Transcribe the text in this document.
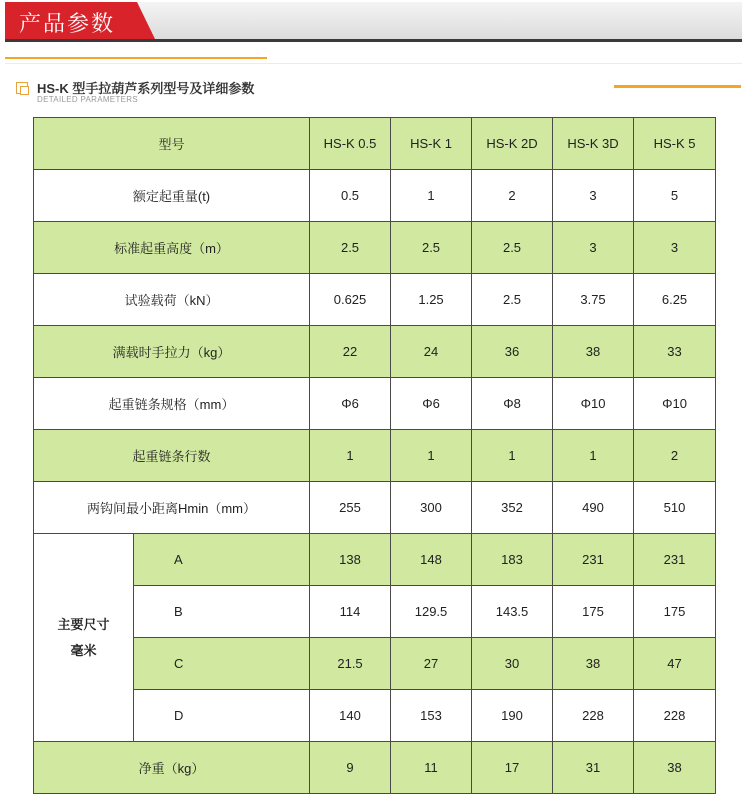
产品参数
HS-K 型手拉葫芦系列型号及详细参数
DETAILED PARAMETERS
型号		HS-K 0.5	HS-K 1	HS-K 2D	HS-K 3D	HS-K 5
额定起重量(t)		0.5	1	2	3	5
标准起重高度（m）		2.5	2.5	2.5	3	3
试验载荷（kN）		0.625	1.25	2.5	3.75	6.25
满载时手拉力（kg）		22	24	36	38	33
起重链条规格（mm）		Φ6	Φ6	Φ8	Φ10	Φ10
起重链条行数		1	1	1	1	2
两钩间最小距离Hmin（mm）		255	300	352	490	510
主要尺寸
毫米	A	138	148	183	231	231
	B	114	129.5	143.5	175	175
	C	21.5	27	30	38	47
	D	140	153	190	228	228
净重（kg）		9	11	17	31	38
